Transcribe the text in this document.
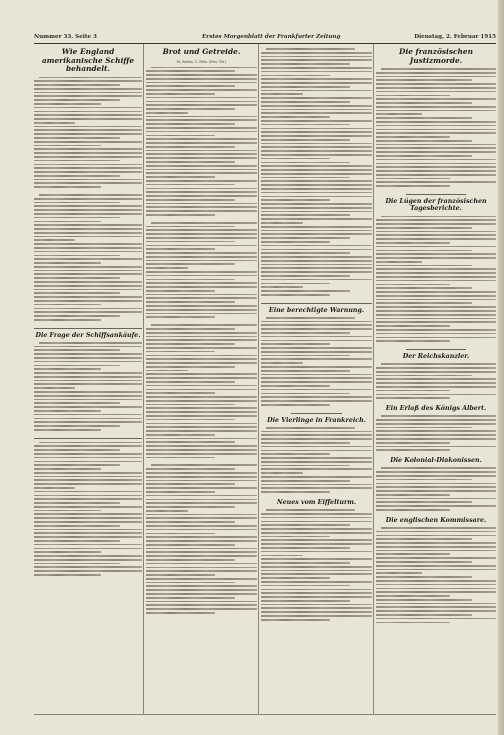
Nummer 33. Seite 3	Erstes Morgenblatt der Frankfurter Zeitung	Dienstag, 2. Februar 1915
Wie England amerikanische Schiffe behandelt.
Die Frage der Schiffsankäufe.
Brot und Getreide.
M. Berlin, 1. Febr. (Priv.-Tel.)
Eine berechtigte Warnung.
Die Vierlinge in Frankreich.
Neues vom Eiffelturm.
Die französischen Justizmorde.
Die Lügen der französischen Tagesberichte.
Der Reichskanzler.
Ein Erlaß des Königs Albert.
Die Kolonial-Diakonissen.
Die englischen Kommissare.
